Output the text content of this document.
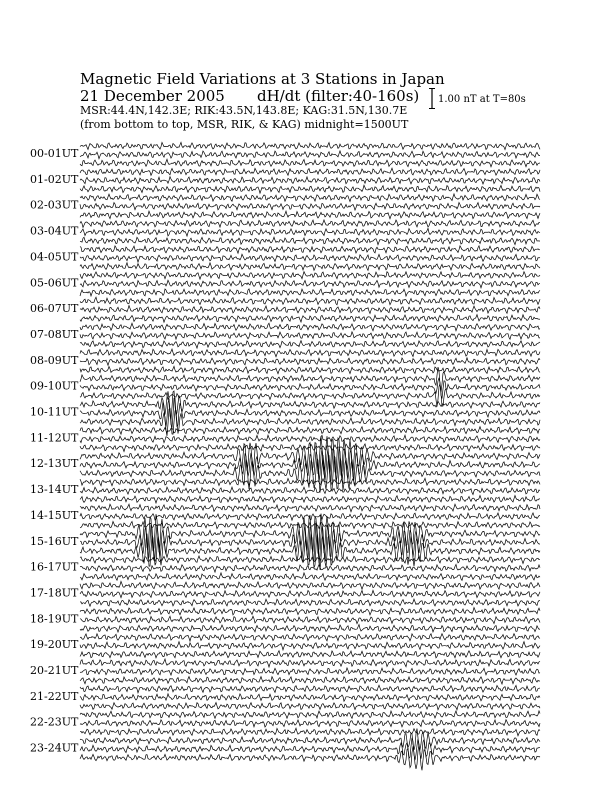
Magnetic Field Variations at 3 Stations in Japan
21 December 2005 dH/dt (filter:40-160s)
MSR:44.4N,142.3E; RIK:43.5N,143.8E; KAG:31.5N,130.7E
(from bottom to top, MSR, RIK, & KAG) midnight=1500UT
1.00 nT at T=80s
00-01UT
01-02UT
02-03UT
03-04UT
04-05UT
05-06UT
06-07UT
07-08UT
08-09UT
09-10UT
10-11UT
11-12UT
12-13UT
13-14UT
14-15UT
15-16UT
16-17UT
17-18UT
18-19UT
19-20UT
20-21UT
21-22UT
22-23UT
23-24UT
